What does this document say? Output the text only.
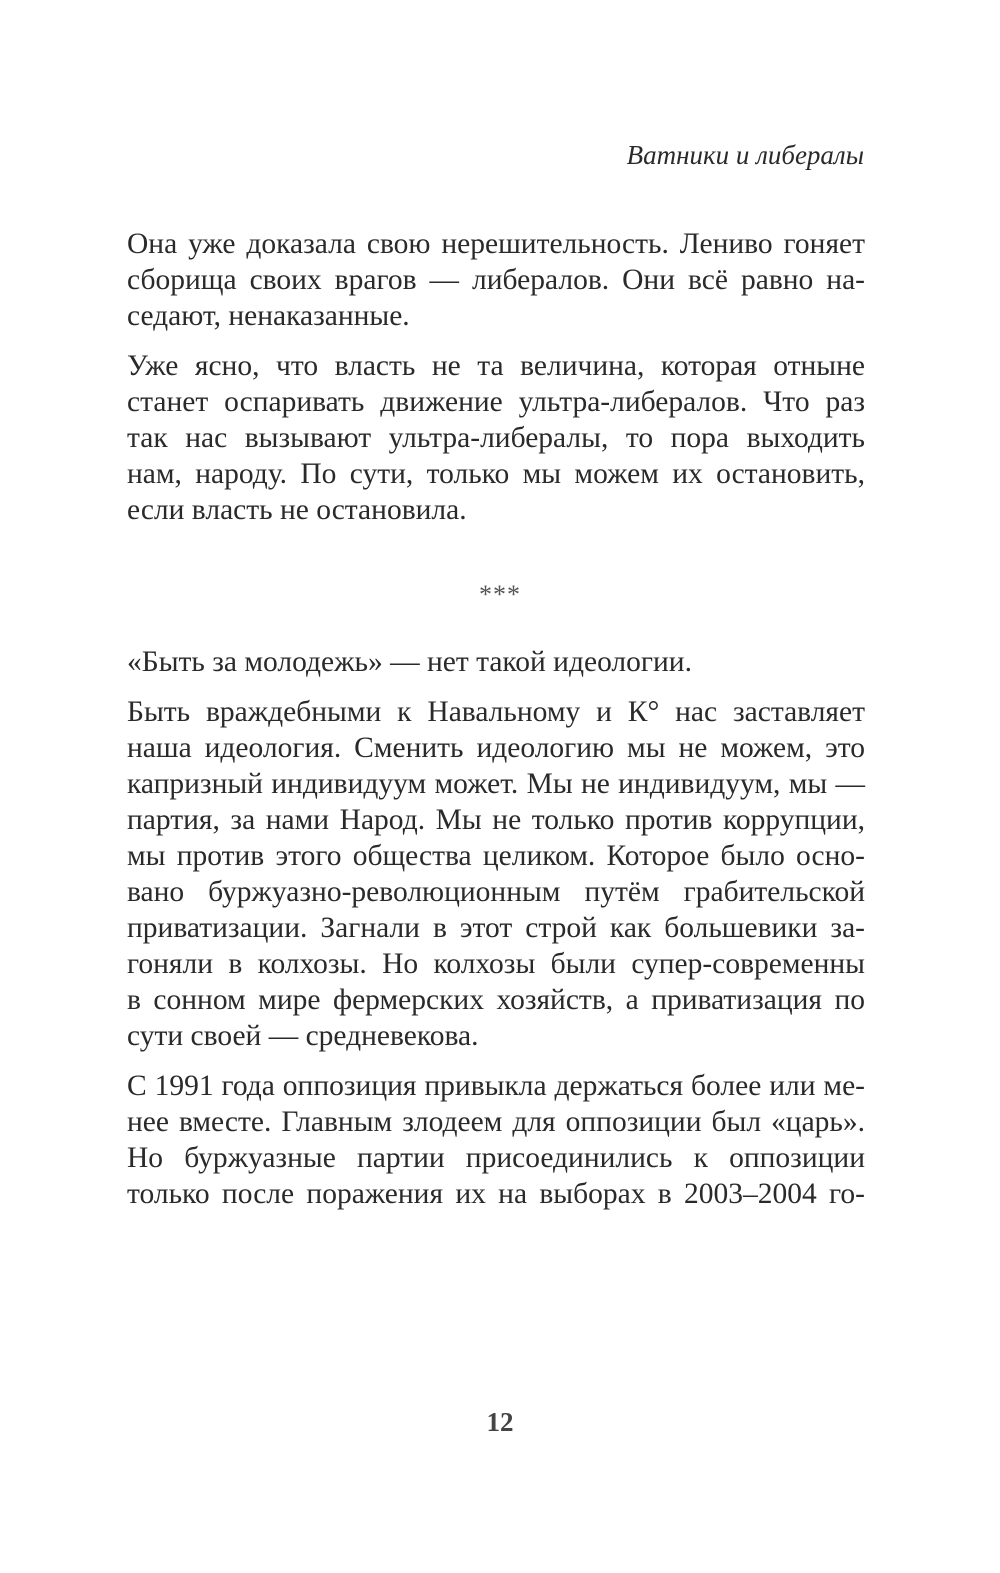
Ватники и либералы

Она уже доказала свою нерешительность. Лениво гоняет
сборища своих врагов — либералов. Они всё равно на-
седают, ненаказанные.

Уже ясно, что власть не та величина, которая отныне
станет оспаривать движение ультра-либералов. Что раз
так нас вызывают ультра-либералы, то пора выходить
нам, народу. По сути, только мы можем их остановить,
если власть не остановила.

***

«Быть за молодежь» — нет такой идеологии.

Быть враждебными к Навальному и К° нас заставляет
наша идеология. Сменить идеологию мы не можем, это
капризный индивидуум может. Мы не индивидуум, мы —
партия, за нами Народ. Мы не только против коррупции,
мы против этого общества целиком. Которое было осно-
вано буржуазно-революционным путём грабительской
приватизации. Загнали в этот строй как большевики за-
гоняли в колхозы. Но колхозы были супер-современны
в сонном мире фермерских хозяйств, а приватизация по
сути своей — средневекова.

С 1991 года оппозиция привыкла держаться более или ме-
нее вместе. Главным злодеем для оппозиции был «царь».
Но буржуазные партии присоединились к оппозиции
только после поражения их на выборах в 2003–2004 го-

12
